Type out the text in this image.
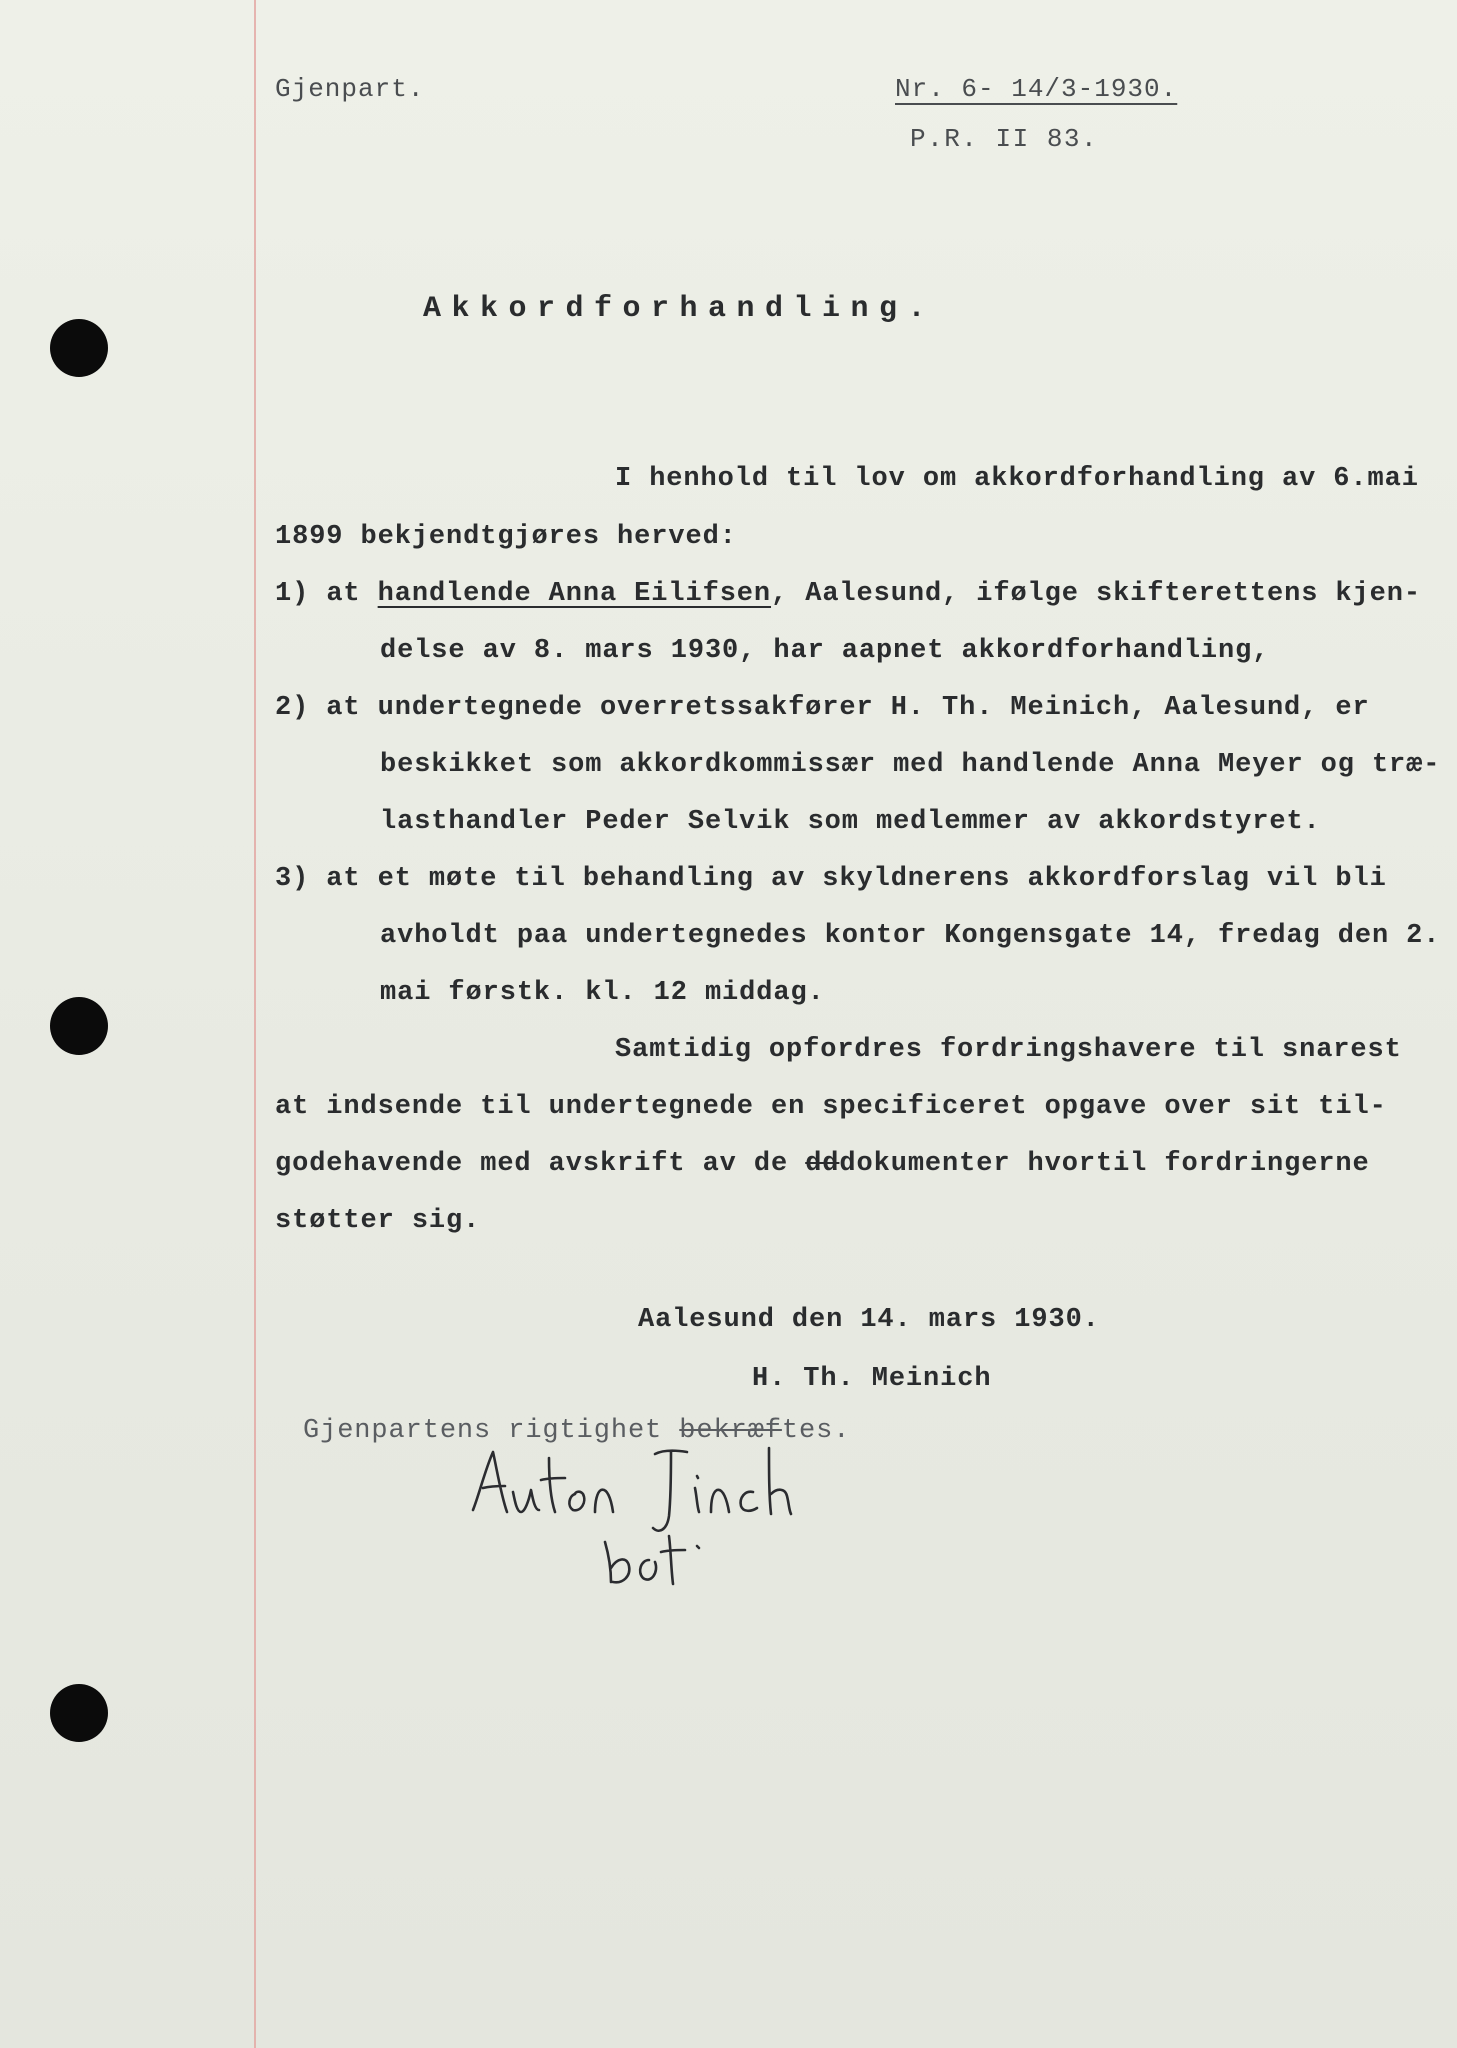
Gjenpart.	Nr. 6- 14/3-1930.
P.R. II 83.
Akkordforhandling.
I henhold til lov om akkordforhandling av 6.mai
1899 bekjendtgjøres herved:
1) at handlende Anna Eilifsen, Aalesund, ifølge skifterettens kjen-
delse av 8. mars 1930, har aapnet akkordforhandling,
2) at undertegnede overretssakfører H. Th. Meinich, Aalesund, er
beskikket som akkordkommissær med handlende Anna Meyer og træ-
lasthandler Peder Selvik som medlemmer av akkordstyret.
3) at et møte til behandling av skyldnerens akkordforslag vil bli
avholdt paa undertegnedes kontor Kongensgate 14, fredag den 2.
mai førstk. kl. 12 middag.
Samtidig opfordres fordringshavere til snarest
at indsende til undertegnede en specificeret opgave over sit til-
godehavende med avskrift av de dddokumenter hvortil fordringerne
støtter sig.
Aalesund den 14. mars 1930.
H. Th. Meinich
Gjenpartens rigtighet bekræftes.
